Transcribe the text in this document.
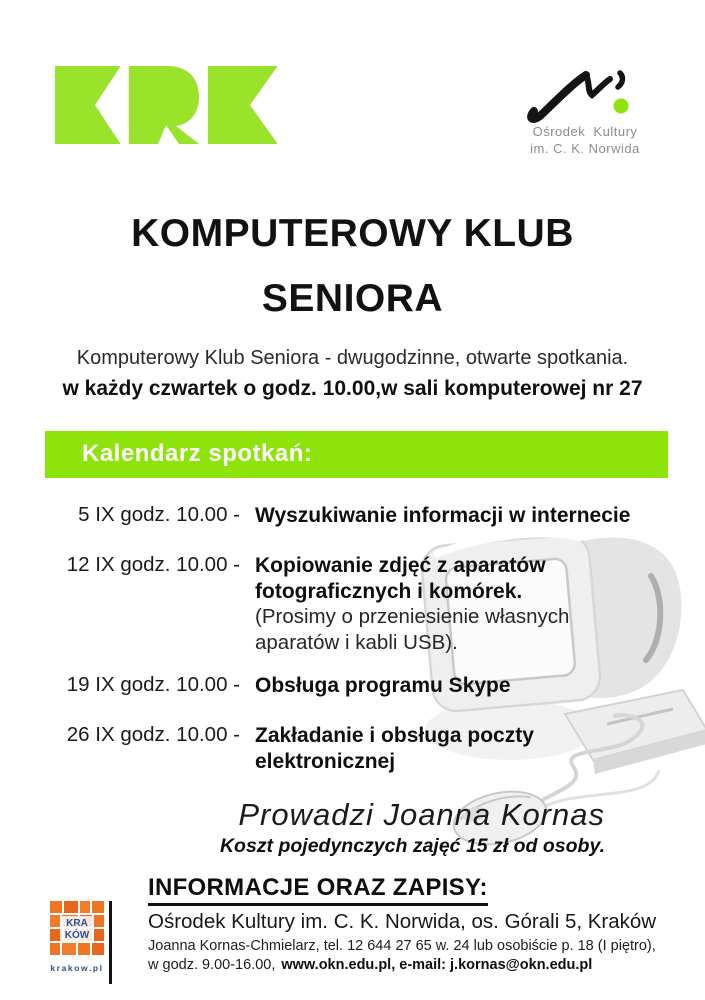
Ośrodek  Kultury
im. C. K. Norwida
KOMPUTEROWY KLUB
SENIORA
Komputerowy Klub Seniora - dwugodzinne, otwarte spotkania.
w każdy czwartek o godz. 10.00,w sali komputerowej nr 27
Kalendarz spotkań:
5 IX godz. 10.00 - Wyszukiwanie informacji w internecie
12 IX godz. 10.00 - Kopiowanie zdjęć z aparatów
fotograficznych i komórek.
(Prosimy o przeniesienie własnych
aparatów i kabli USB).
19 IX godz. 10.00 - Obsługa programu Skype
26 IX godz. 10.00 - Zakładanie i obsługa poczty
elektronicznej
Prowadzi Joanna Kornas
Koszt pojedynczych zajęć 15 zł od osoby.
KRA
KÓW
krakow.pl
INFORMACJE ORAZ ZAPISY:
Ośrodek Kultury im. C. K. Norwida, os. Górali 5, Kraków
Joanna Kornas-Chmielarz, tel. 12 644 27 65 w. 24 lub osobiście p. 18 (I piętro),
w godz. 9.00-16.00, www.okn.edu.pl, e-mail: j.kornas@okn.edu.pl
